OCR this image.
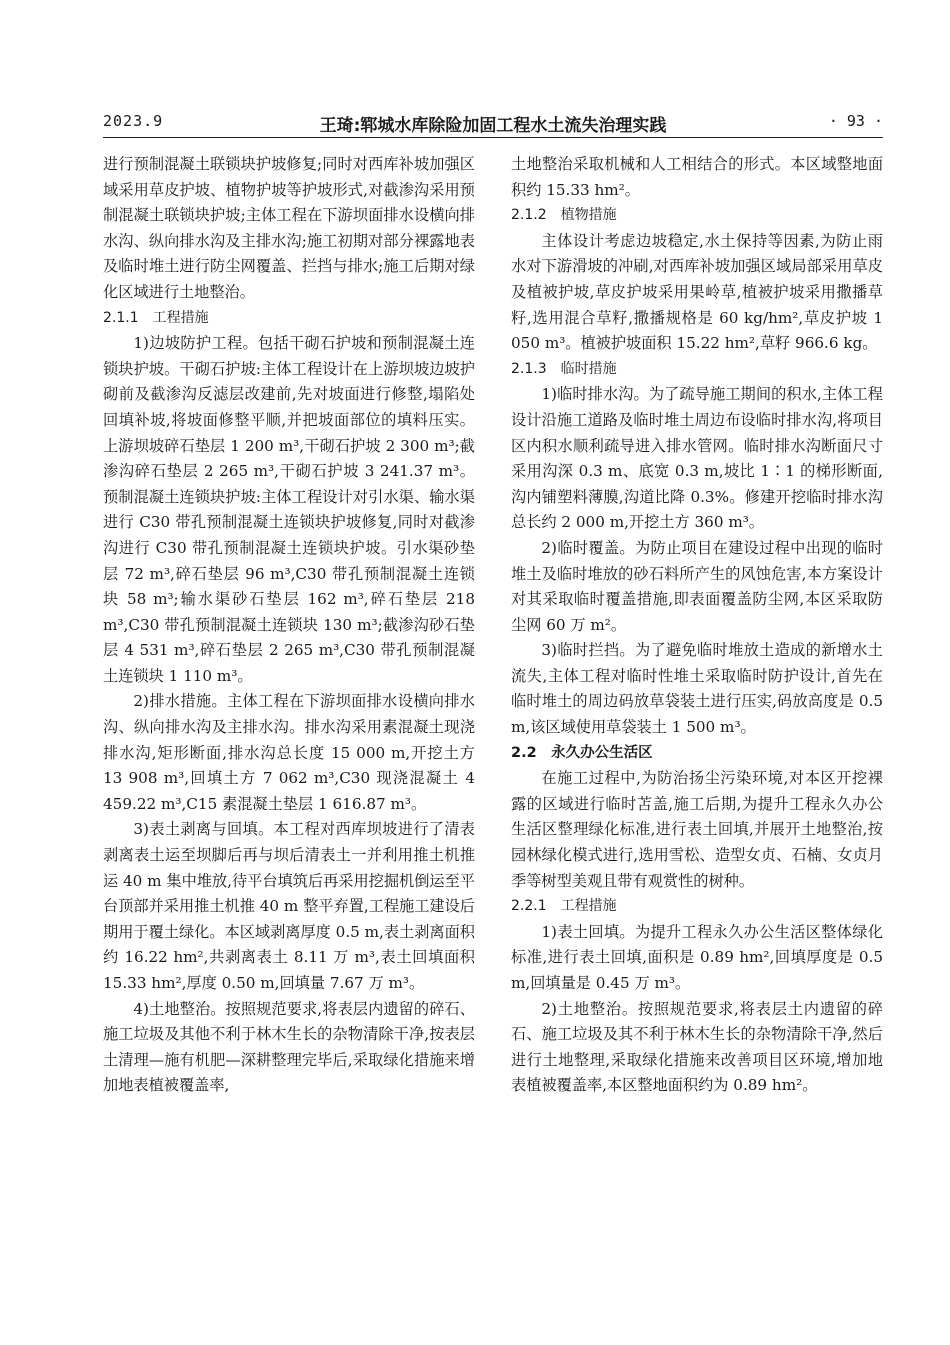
2023.9	王琦:郓城水库除险加固工程水土流失治理实践	· 93 ·

进行预制混凝土联锁块护坡修复;同时对西库补坡加强区域采用草皮护坡、植物护坡等护坡形式,对截渗沟采用预制混凝土联锁块护坡;主体工程在下游坝面排水设横向排水沟、纵向排水沟及主排水沟;施工初期对部分裸露地表及临时堆土进行防尘网覆盖、拦挡与排水;施工后期对绿化区域进行土地整治。

2.1.1　工程措施

1)边坡防护工程。包括干砌石护坡和预制混凝土连锁块护坡。干砌石护坡:主体工程设计在上游坝坡边坡护砌前及截渗沟反滤层改建前,先对坡面进行修整,塌陷处回填补坡,将坡面修整平顺,并把坡面部位的填料压实。上游坝坡碎石垫层 1 200 m³,干砌石护坡 2 300 m³;截渗沟碎石垫层 2 265 m³,干砌石护坡 3 241.37 m³。预制混凝土连锁块护坡:主体工程设计对引水渠、输水渠进行 C30 带孔预制混凝土连锁块护坡修复,同时对截渗沟进行 C30 带孔预制混凝土连锁块护坡。引水渠砂垫层 72 m³,碎石垫层 96 m³,C30 带孔预制混凝土连锁块 58 m³;输水渠砂石垫层 162 m³,碎石垫层 218 m³,C30 带孔预制混凝土连锁块 130 m³;截渗沟砂石垫层 4 531 m³,碎石垫层 2 265 m³,C30 带孔预制混凝土连锁块 1 110 m³。

2)排水措施。主体工程在下游坝面排水设横向排水沟、纵向排水沟及主排水沟。排水沟采用素混凝土现浇排水沟,矩形断面,排水沟总长度 15 000 m,开挖土方 13 908 m³,回填土方 7 062 m³,C30 现浇混凝土 4 459.22 m³,C15 素混凝土垫层 1 616.87 m³。

3)表土剥离与回填。本工程对西库坝坡进行了清表剥离表土运至坝脚后再与坝后清表土一并利用推土机推运 40 m 集中堆放,待平台填筑后再采用挖掘机倒运至平台顶部并采用推土机推 40 m 整平弃置,工程施工建设后期用于覆土绿化。本区域剥离厚度 0.5 m,表土剥离面积约 16.22 hm²,共剥离表土 8.11 万 m³,表土回填面积 15.33 hm²,厚度 0.50 m,回填量 7.67 万 m³。

4)土地整治。按照规范要求,将表层内遗留的碎石、施工垃圾及其他不利于林木生长的杂物清除干净,按表层土清理—施有机肥—深耕整理完毕后,采取绿化措施来增加地表植被覆盖率,

土地整治采取机械和人工相结合的形式。本区域整地面积约 15.33 hm²。

2.1.2　植物措施

主体设计考虑边坡稳定,水土保持等因素,为防止雨水对下游滑坡的冲刷,对西库补坡加强区域局部采用草皮及植被护坡,草皮护坡采用果岭草,植被护坡采用撒播草籽,选用混合草籽,撒播规格是 60 kg/hm²,草皮护坡 1 050 m³。植被护坡面积 15.22 hm²,草籽 966.6 kg。

2.1.3　临时措施

1)临时排水沟。为了疏导施工期间的积水,主体工程设计沿施工道路及临时堆土周边布设临时排水沟,将项目区内积水顺利疏导进入排水管网。临时排水沟断面尺寸采用沟深 0.3 m、底宽 0.3 m,坡比 1∶1 的梯形断面,沟内铺塑料薄膜,沟道比降 0.3%。修建开挖临时排水沟总长约 2 000 m,开挖土方 360 m³。

2)临时覆盖。为防止项目在建设过程中出现的临时堆土及临时堆放的砂石料所产生的风蚀危害,本方案设计对其采取临时覆盖措施,即表面覆盖防尘网,本区采取防尘网 60 万 m²。

3)临时拦挡。为了避免临时堆放土造成的新增水土流失,主体工程对临时性堆土采取临时防护设计,首先在临时堆土的周边码放草袋装土进行压实,码放高度是 0.5 m,该区域使用草袋装土 1 500 m³。

2.2　永久办公生活区

在施工过程中,为防治扬尘污染环境,对本区开挖裸露的区域进行临时苫盖,施工后期,为提升工程永久办公生活区整理绿化标准,进行表土回填,并展开土地整治,按园林绿化模式进行,选用雪松、造型女贞、石楠、女贞月季等树型美观且带有观赏性的树种。

2.2.1　工程措施

1)表土回填。为提升工程永久办公生活区整体绿化标准,进行表土回填,面积是 0.89 hm²,回填厚度是 0.5 m,回填量是 0.45 万 m³。

2)土地整治。按照规范要求,将表层土内遗留的碎石、施工垃圾及其不利于林木生长的杂物清除干净,然后进行土地整理,采取绿化措施来改善项目区环境,增加地表植被覆盖率,本区整地面积约为 0.89 hm²。
